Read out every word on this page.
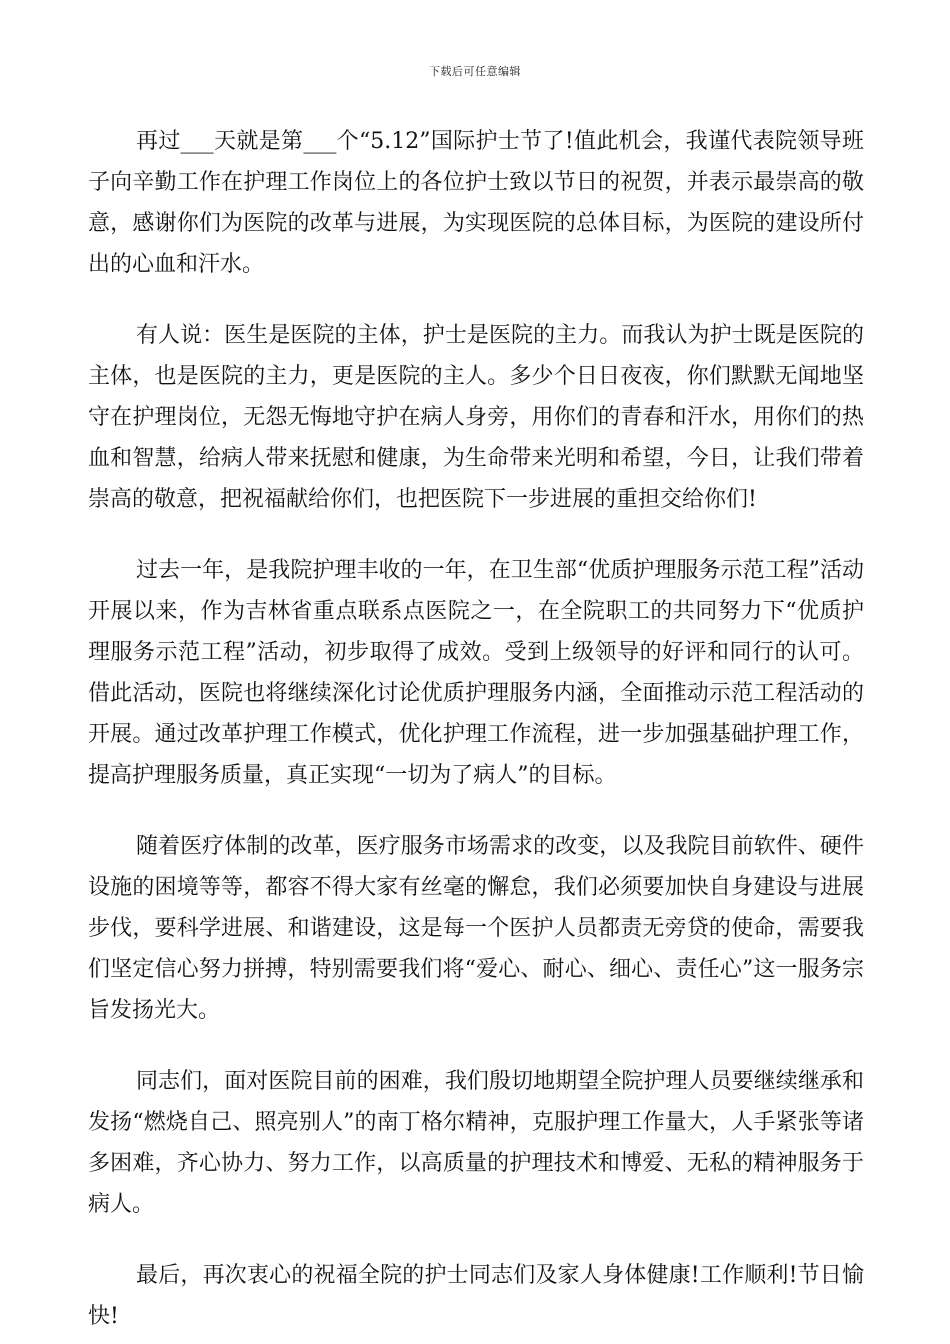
下载后可任意编辑

再过___天就是第___个“5.12”国际护士节了!值此机会，我谨代表院领导班子向辛勤工作在护理工作岗位上的各位护士致以节日的祝贺，并表示最崇高的敬意，感谢你们为医院的改革与进展，为实现医院的总体目标，为医院的建设所付出的心血和汗水。

有人说：医生是医院的主体，护士是医院的主力。而我认为护士既是医院的主体，也是医院的主力，更是医院的主人。多少个日日夜夜，你们默默无闻地坚守在护理岗位，无怨无悔地守护在病人身旁，用你们的青春和汗水，用你们的热血和智慧，给病人带来抚慰和健康，为生命带来光明和希望，今日，让我们带着崇高的敬意，把祝福献给你们，也把医院下一步进展的重担交给你们!

过去一年，是我院护理丰收的一年，在卫生部“优质护理服务示范工程”活动开展以来，作为吉林省重点联系点医院之一，在全院职工的共同努力下“优质护理服务示范工程”活动，初步取得了成效。受到上级领导的好评和同行的认可。借此活动，医院也将继续深化讨论优质护理服务内涵，全面推动示范工程活动的开展。通过改革护理工作模式，优化护理工作流程，进一步加强基础护理工作，提高护理服务质量，真正实现“一切为了病人”的目标。

随着医疗体制的改革，医疗服务市场需求的改变，以及我院目前软件、硬件设施的困境等等，都容不得大家有丝毫的懈怠，我们必须要加快自身建设与进展步伐，要科学进展、和谐建设，这是每一个医护人员都责无旁贷的使命，需要我们坚定信心努力拼搏，特别需要我们将“爱心、耐心、细心、责任心”这一服务宗旨发扬光大。

同志们，面对医院目前的困难，我们殷切地期望全院护理人员要继续继承和发扬“燃烧自己、照亮别人”的南丁格尔精神，克服护理工作量大，人手紧张等诸多困难，齐心协力、努力工作，以高质量的护理技术和博爱、无私的精神服务于病人。

最后，再次衷心的祝福全院的护士同志们及家人身体健康!工作顺利!节日愉快!
